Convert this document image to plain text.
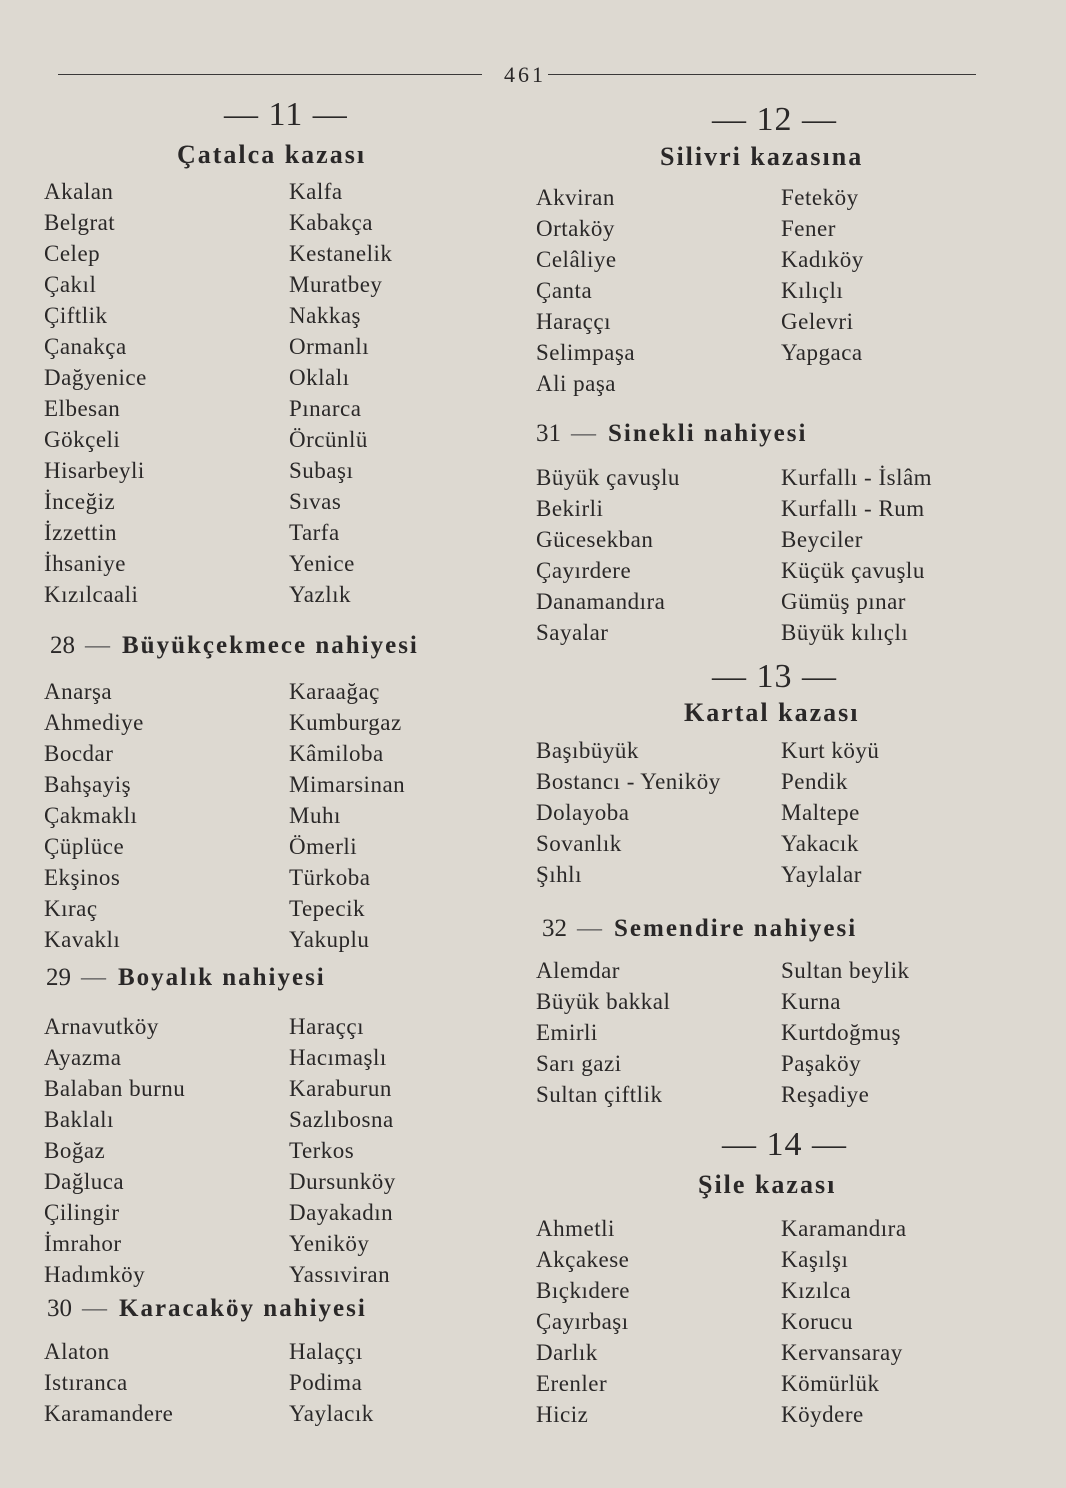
461
— 11 —
Çatalca kazası
Akalan	Kalfa
Belgrat	Kabakça
Celep	Kestanelik
Çakıl	Muratbey
Çiftlik	Nakkaş
Çanakça	Ormanlı
Dağyenice	Oklalı
Elbesan	Pınarca
Gökçeli	Örcünlü
Hisarbeyli	Subaşı
İnceğiz	Sıvas
İzzettin	Tarfa
İhsaniye	Yenice
Kızılcaali	Yazlık
28 — Büyükçekmece nahiyesi
Anarşa	Karaağaç
Ahmediye	Kumburgaz
Bocdar	Kâmiloba
Bahşayiş	Mimarsinan
Çakmaklı	Muhı
Çüplüce	Ömerli
Ekşinos	Türkoba
Kıraç	Tepecik
Kavaklı	Yakuplu
29 — Boyalık nahiyesi
Arnavutköy	Haraççı
Ayazma	Hacımaşlı
Balaban burnu	Karaburun
Baklalı	Sazlıbosna
Boğaz	Terkos
Dağluca	Dursunköy
Çilingir	Dayakadın
İmrahor	Yeniköy
Hadımköy	Yassıviran
30 — Karacaköy nahiyesi
Alaton	Halaççı
Istıranca	Podima
Karamandere	Yaylacık
— 12 —
Silivri kazasına
Akviran	Feteköy
Ortaköy	Fener
Celâliye	Kadıköy
Çanta	Kılıçlı
Haraççı	Gelevri
Selimpaşa	Yapgaca
Ali paşa
31 — Sinekli nahiyesi
Büyük çavuşlu	Kurfallı - İslâm
Bekirli	Kurfallı - Rum
Gücesekban	Beyciler
Çayırdere	Küçük çavuşlu
Danamandıra	Gümüş pınar
Sayalar	Büyük kılıçlı
— 13 —
Kartal kazası
Başıbüyük	Kurt köyü
Bostancı - Yeniköy	Pendik
Dolayoba	Maltepe
Sovanlık	Yakacık
Şıhlı	Yaylalar
32 — Semendire nahiyesi
Alemdar	Sultan beylik
Büyük bakkal	Kurna
Emirli	Kurtdoğmuş
Sarı gazi	Paşaköy
Sultan çiftlik	Reşadiye
— 14 —
Şile kazası
Ahmetli	Karamandıra
Akçakese	Kaşılşı
Bıçkıdere	Kızılca
Çayırbaşı	Korucu
Darlık	Kervansaray
Erenler	Kömürlük
Hiciz	Köydere
